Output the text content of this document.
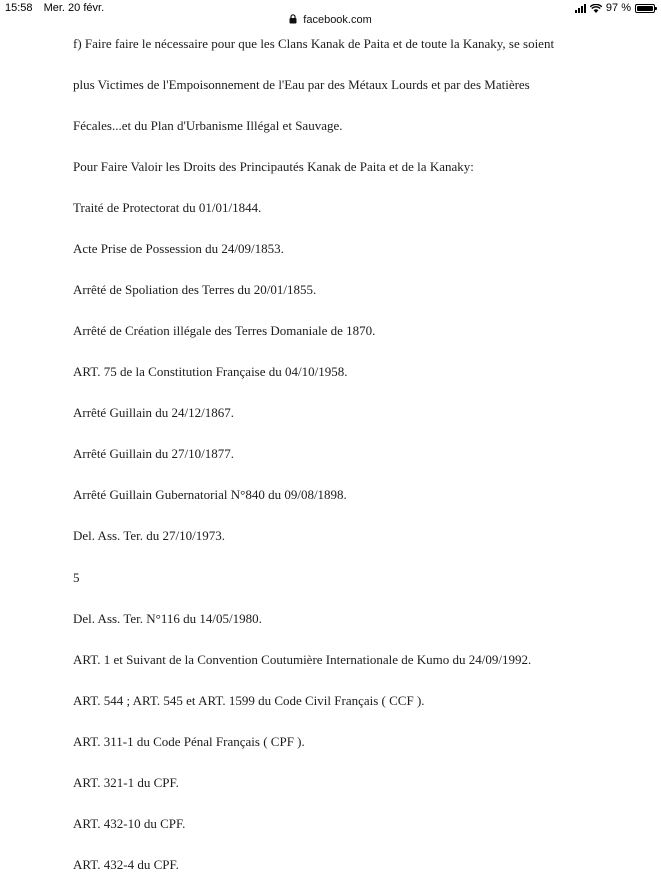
15:58 Mer. 20 févr.	97 %
facebook.com
f) Faire faire le nécessaire pour que les Clans Kanak de Paita et de toute la Kanaky, se soient
plus Victimes de l'Empoisonnement de l'Eau par des Métaux Lourds et par des Matières
Fécales...et du Plan d'Urbanisme Illégal et Sauvage.
Pour Faire Valoir les Droits des Principautés Kanak de Paita et de la Kanaky:
Traité de Protectorat du 01/01/1844.
Acte Prise de Possession du 24/09/1853.
Arrêté de Spoliation des Terres du 20/01/1855.
Arrêté de Création illégale des Terres Domaniale de 1870.
ART. 75 de la Constitution Française du 04/10/1958.
Arrêté Guillain du 24/12/1867.
Arrêté Guillain du 27/10/1877.
Arrêté Guillain Gubernatorial N°840 du 09/08/1898.
Del. Ass. Ter. du 27/10/1973.
5
Del. Ass. Ter. N°116 du 14/05/1980.
ART. 1 et Suivant de la Convention Coutumière Internationale de Kumo du 24/09/1992.
ART. 544 ; ART. 545 et ART. 1599 du Code Civil Français ( CCF ).
ART. 311-1 du Code Pénal Français ( CPF ).
ART. 321-1 du CPF.
ART. 432-10 du CPF.
ART. 432-4 du CPF.
